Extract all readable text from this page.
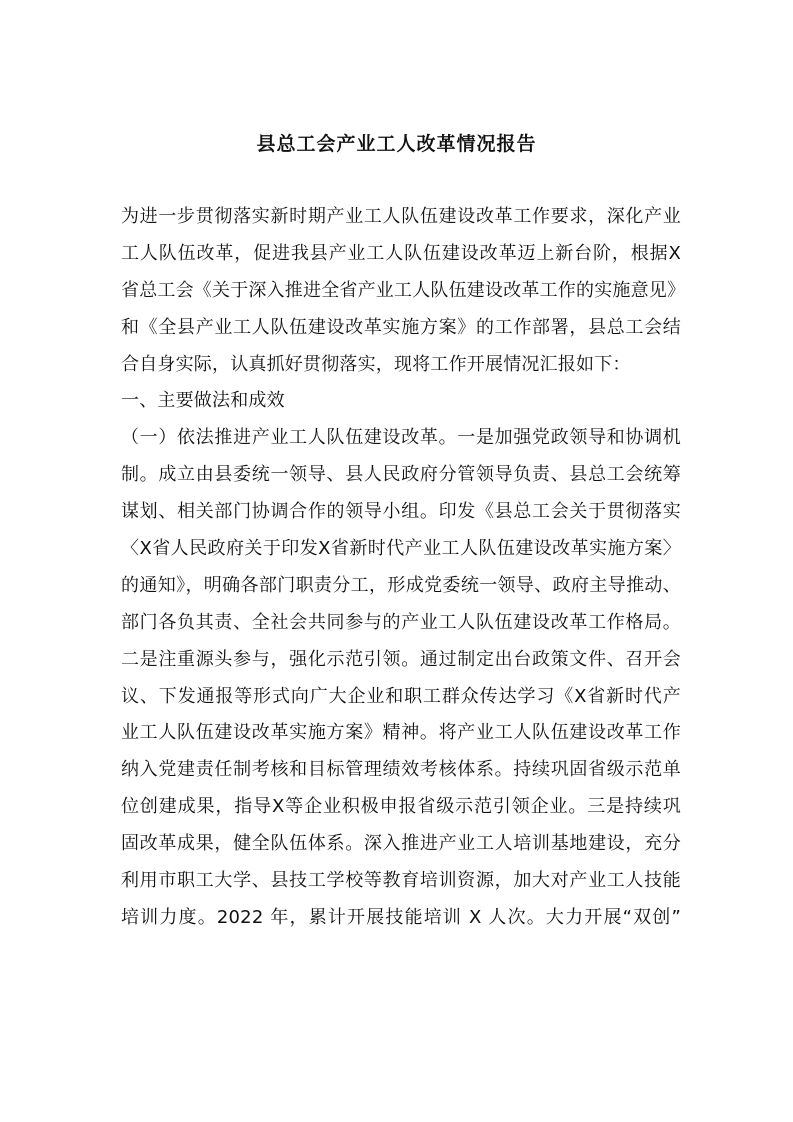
县总工会产业工人改革情况报告
为进一步贯彻落实新时期产业工人队伍建设改革工作要求，深化产业
工人队伍改革，促进我县产业工人队伍建设改革迈上新台阶，根据X
省总工会《关于深入推进全省产业工人队伍建设改革工作的实施意见》
和《全县产业工人队伍建设改革实施方案》的工作部署，县总工会结
合自身实际，认真抓好贯彻落实，现将工作开展情况汇报如下：
一、主要做法和成效
（一）依法推进产业工人队伍建设改革。一是加强党政领导和协调机
制。成立由县委统一领导、县人民政府分管领导负责、县总工会统筹
谋划、相关部门协调合作的领导小组。印发《县总工会关于贯彻落实
〈X省人民政府关于印发X省新时代产业工人队伍建设改革实施方案〉
的通知》，明确各部门职责分工，形成党委统一领导、政府主导推动、
部门各负其责、全社会共同参与的产业工人队伍建设改革工作格局。
二是注重源头参与，强化示范引领。通过制定出台政策文件、召开会
议、下发通报等形式向广大企业和职工群众传达学习《X省新时代产
业工人队伍建设改革实施方案》精神。将产业工人队伍建设改革工作
纳入党建责任制考核和目标管理绩效考核体系。持续巩固省级示范单
位创建成果，指导X等企业积极申报省级示范引领企业。三是持续巩
固改革成果，健全队伍体系。深入推进产业工人培训基地建设，充分
利用市职工大学、县技工学校等教育培训资源，加大对产业工人技能
培训力度。2022 年，累计开展技能培训 X 人次。大力开展“双创”
